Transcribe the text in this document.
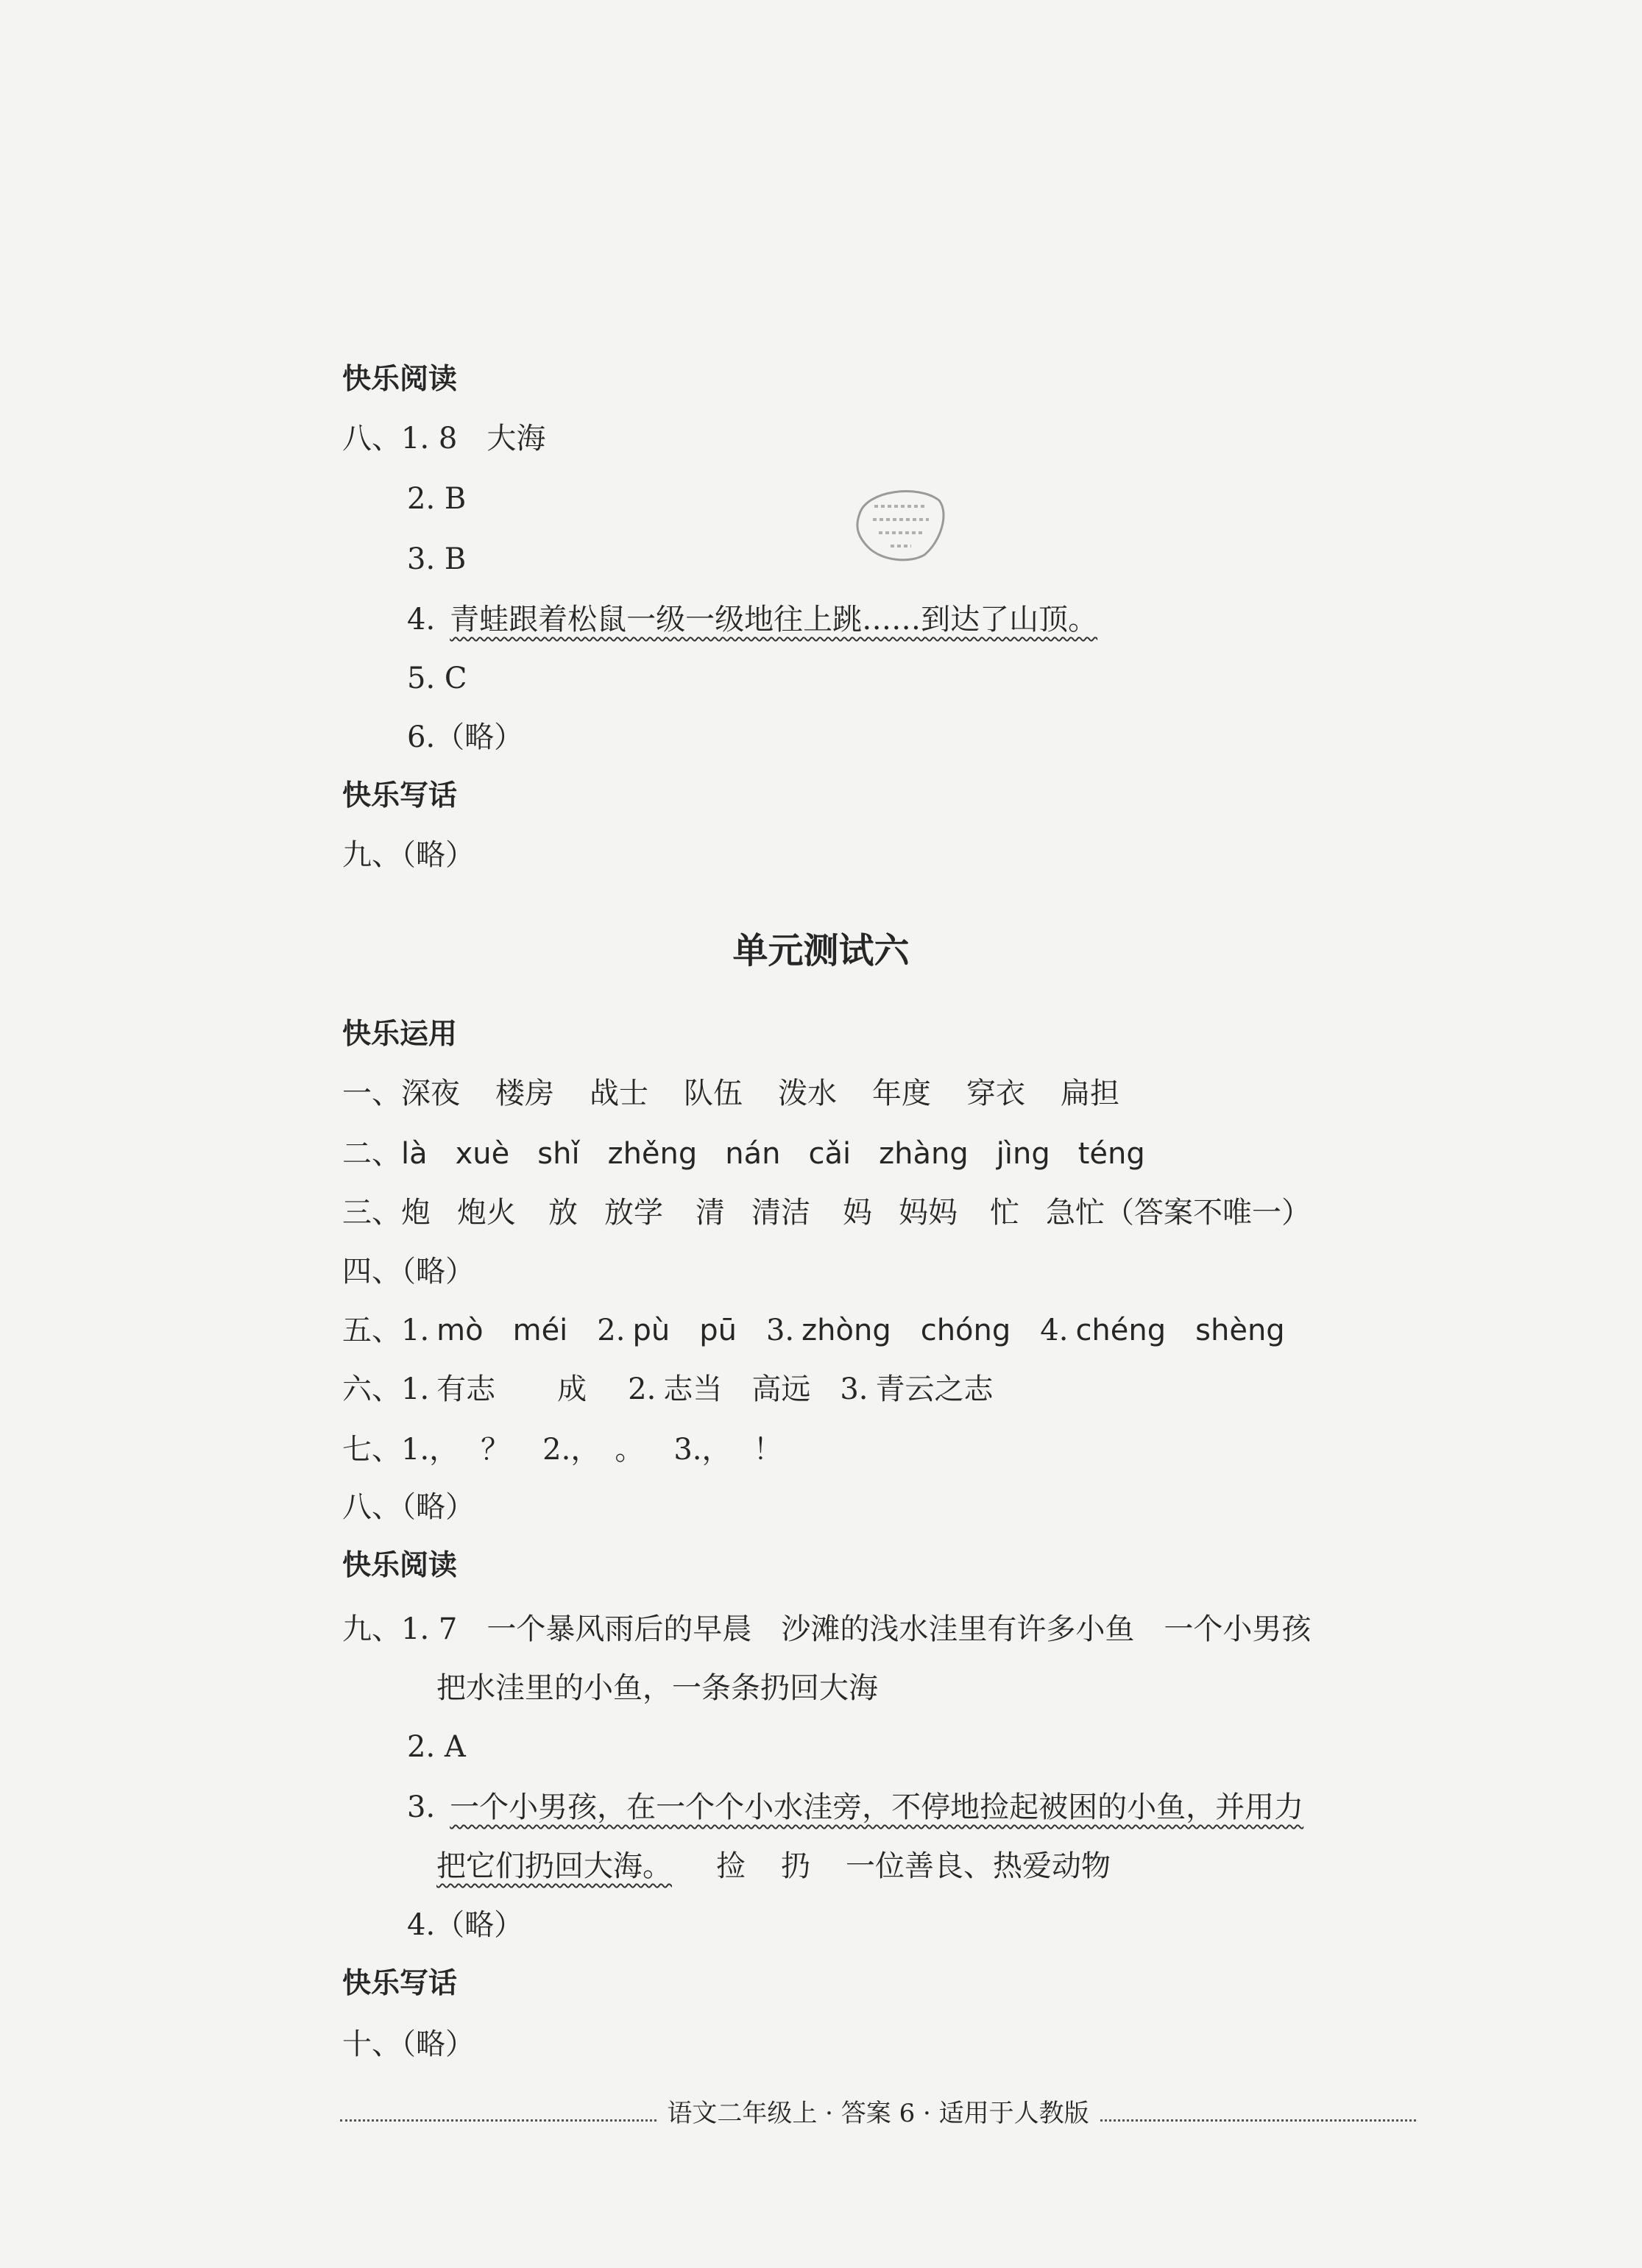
快乐阅读
八、1. 8 大海
2. B
3. B
4. 青蛙跟着松鼠一级一级地往上跳……到达了山顶。
5. C
6.（略）
快乐写话
九、（略）
单元测试六
快乐运用
一、深夜 楼房 战士 队伍 泼水 年度 穿衣 扁担
二、là xuè shǐ zhěng nán cǎi zhàng jìng téng
三、炮 炮火 放 放学 清 清洁 妈 妈妈 忙 急忙（答案不唯一）
四、（略）
五、1. mò méi 2. pù pū 3. zhòng chóng 4. chéng shèng
六、1. 有志 成 2. 志当 高远 3. 青云之志
七、1.， ？ 2.， 。 3.， ！
八、（略）
快乐阅读
九、1. 7 一个暴风雨后的早晨 沙滩的浅水洼里有许多小鱼 一个小男孩
把水洼里的小鱼，一条条扔回大海
2. A
3. 一个小男孩，在一个个小水洼旁，不停地捡起被困的小鱼，并用力
把它们扔回大海。 捡 扔 一位善良、热爱动物
4.（略）
快乐写话
十、（略）
语文二年级上 · 答案 6 · 适用于人教版
